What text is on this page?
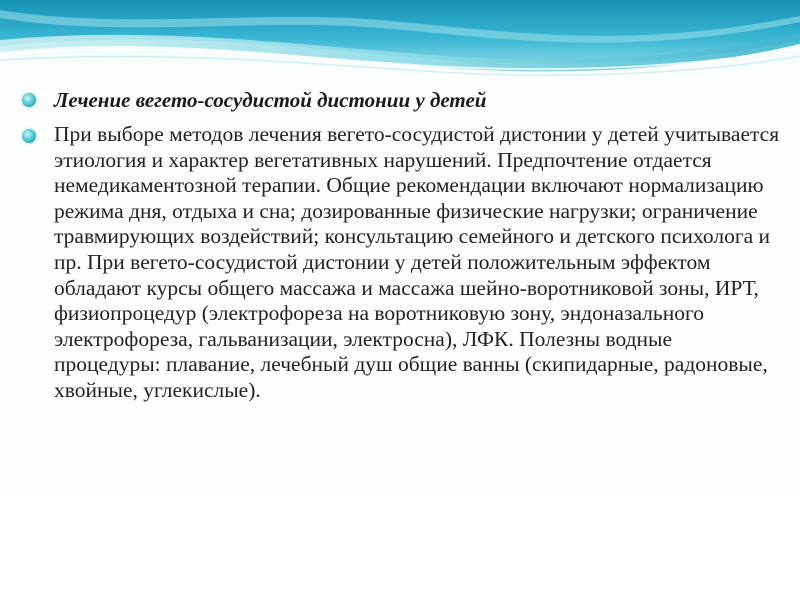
Лечение вегето-сосудистой дистонии у детей
При выборе методов лечения вегето-сосудистой дистонии у детей учитывается этиология и характер вегетативных нарушений. Предпочтение отдается немедикаментозной терапии. Общие рекомендации включают нормализацию режима дня, отдыха и сна; дозированные физические нагрузки; ограничение травмирующих воздействий; консультацию семейного и детского психолога и пр. При вегето-сосудистой дистонии у детей положительным эффектом обладают курсы общего массажа и массажа шейно-воротниковой зоны, ИРТ, физиопроцедур (электрофореза на воротниковую зону, эндоназального электрофореза, гальванизации, электросна), ЛФК. Полезны водные процедуры: плавание, лечебный душ общие ванны (скипидарные, радоновые, хвойные, углекислые).
